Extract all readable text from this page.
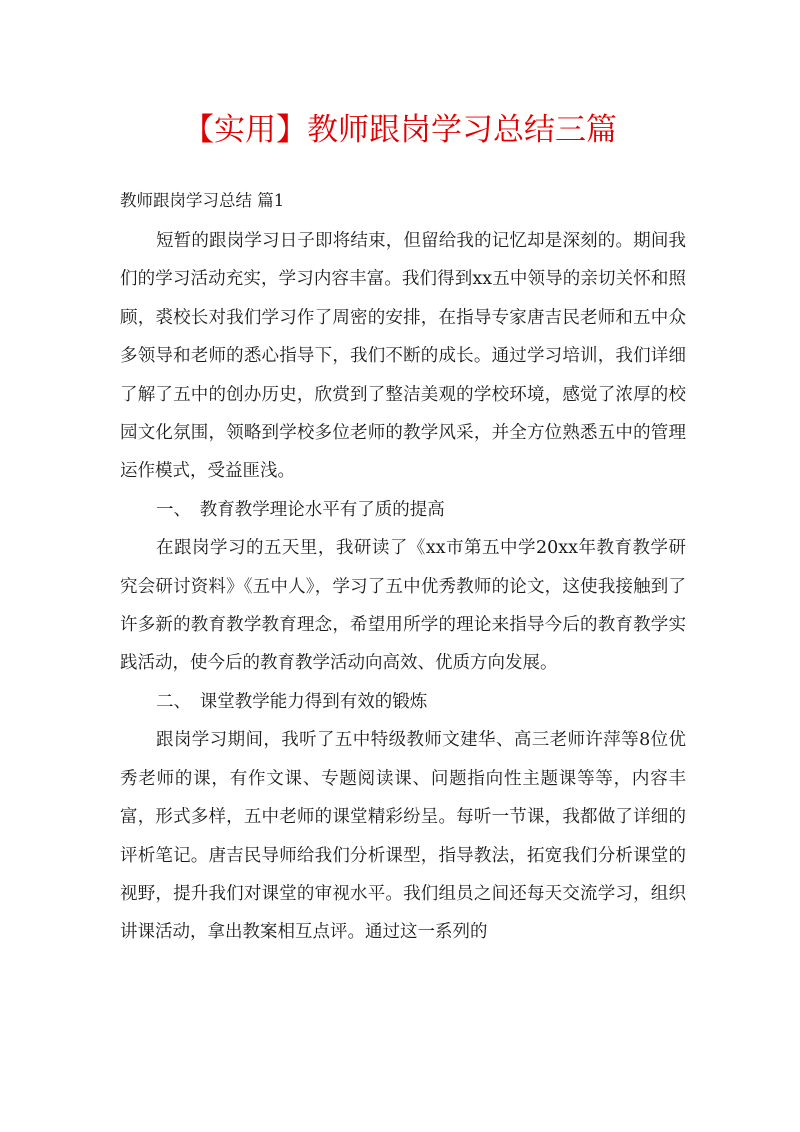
【实用】教师跟岗学习总结三篇

教师跟岗学习总结 篇1

短暂的跟岗学习日子即将结束，但留给我的记忆却是深刻的。期间我们的学习活动充实，学习内容丰富。我们得到xx五中领导的亲切关怀和照顾，裘校长对我们学习作了周密的安排，在指导专家唐吉民老师和五中众多领导和老师的悉心指导下，我们不断的成长。通过学习培训，我们详细了解了五中的创办历史，欣赏到了整洁美观的学校环境，感觉了浓厚的校园文化氛围，领略到学校多位老师的教学风采，并全方位熟悉五中的管理运作模式，受益匪浅。

一、　教育教学理论水平有了质的提高

在跟岗学习的五天里，我研读了《xx市第五中学20xx年教育教学研究会研讨资料》《五中人》，学习了五中优秀教师的论文，这使我接触到了许多新的教育教学教育理念，希望用所学的理论来指导今后的教育教学实践活动，使今后的教育教学活动向高效、优质方向发展。

二、　课堂教学能力得到有效的锻炼

跟岗学习期间，我听了五中特级教师文建华、高三老师许萍等8位优秀老师的课，有作文课、专题阅读课、问题指向性主题课等等，内容丰富，形式多样，五中老师的课堂精彩纷呈。每听一节课，我都做了详细的评析笔记。唐吉民导师给我们分析课型，指导教法，拓宽我们分析课堂的视野，提升我们对课堂的审视水平。我们组员之间还每天交流学习，组织讲课活动，拿出教案相互点评。通过这一系列的
